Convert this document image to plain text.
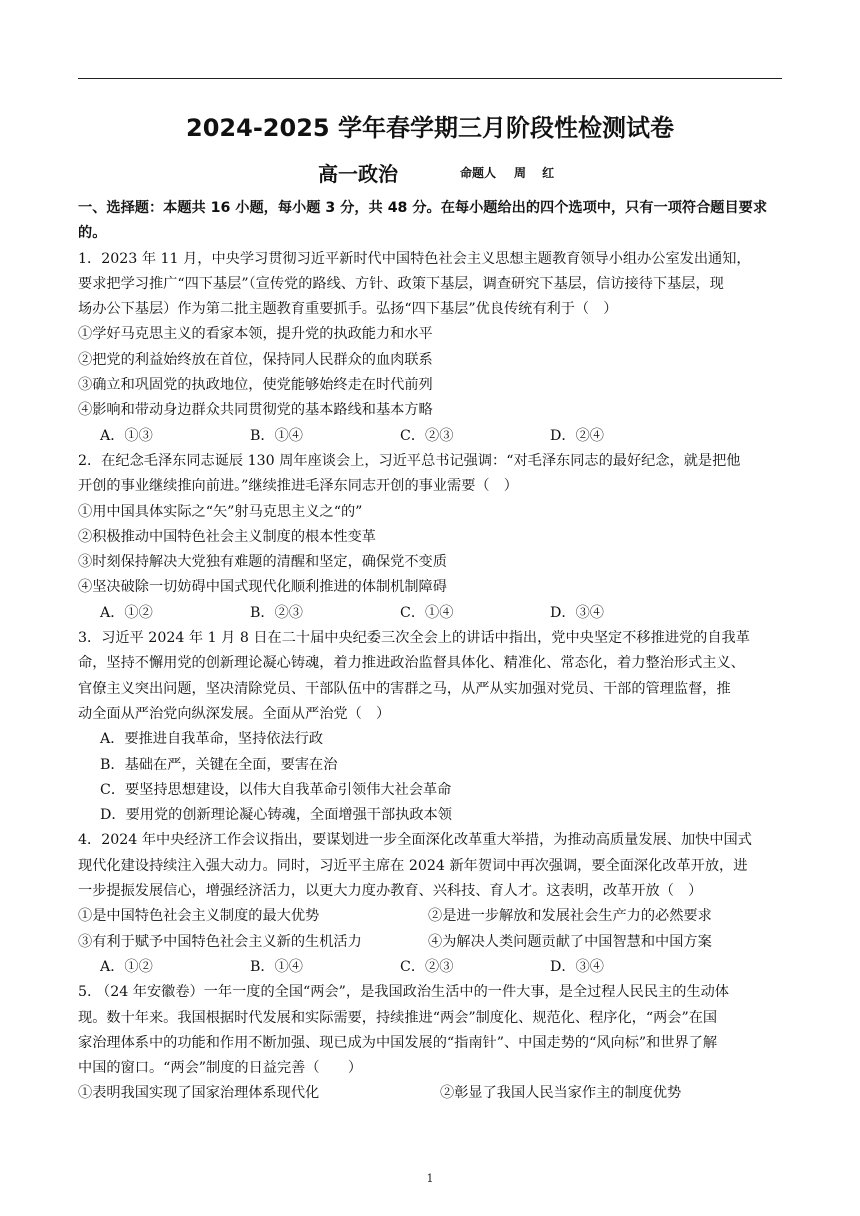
2024-2025 学年春学期三月阶段性检测试卷
高一政治	命题人 周 红
一、选择题：本题共 16 小题，每小题 3 分，共 48 分。在每小题给出的四个选项中，只有一项符合题目要求的。
1．2023 年 11 月，中央学习贯彻习近平新时代中国特色社会主义思想主题教育领导小组办公室发出通知，
要求把学习推广“四下基层”（宣传党的路线、方针、政策下基层，调查研究下基层，信访接待下基层，现
场办公下基层）作为第二批主题教育重要抓手。弘扬“四下基层”优良传统有利于（　）
①学好马克思主义的看家本领，提升党的执政能力和水平
②把党的利益始终放在首位，保持同人民群众的血肉联系
③确立和巩固党的执政地位，使党能够始终走在时代前列
④影响和带动身边群众共同贯彻党的基本路线和基本方略
A．①③	B．①④	C．②③	D．②④
2．在纪念毛泽东同志诞辰 130 周年座谈会上，习近平总书记强调：“对毛泽东同志的最好纪念，就是把他
开创的事业继续推向前进。”继续推进毛泽东同志开创的事业需要（　）
①用中国具体实际之“矢”射马克思主义之“的”
②积极推动中国特色社会主义制度的根本性变革
③时刻保持解决大党独有难题的清醒和坚定，确保党不变质
④坚决破除一切妨碍中国式现代化顺利推进的体制机制障碍
A．①②	B．②③	C．①④	D．③④
3．习近平 2024 年 1 月 8 日在二十届中央纪委三次全会上的讲话中指出，党中央坚定不移推进党的自我革
命，坚持不懈用党的创新理论凝心铸魂，着力推进政治监督具体化、精准化、常态化，着力整治形式主义、
官僚主义突出问题，坚决清除党员、干部队伍中的害群之马，从严从实加强对党员、干部的管理监督，推
动全面从严治党向纵深发展。全面从严治党（　）
A．要推进自我革命，坚持依法行政
B．基础在严，关键在全面，要害在治
C．要坚持思想建设，以伟大自我革命引领伟大社会革命
D．要用党的创新理论凝心铸魂，全面增强干部执政本领
4．2024 年中央经济工作会议指出，要谋划进一步全面深化改革重大举措，为推动高质量发展、加快中国式
现代化建设持续注入强大动力。同时，习近平主席在 2024 新年贺词中再次强调，要全面深化改革开放，进
一步提振发展信心，增强经济活力，以更大力度办教育、兴科技、育人才。这表明，改革开放（　）
①是中国特色社会主义制度的最大优势	②是进一步解放和发展社会生产力的必然要求
③有利于赋予中国特色社会主义新的生机活力	④为解决人类问题贡献了中国智慧和中国方案
A．①②	B．①④	C．②③	D．③④
5. （24 年安徽卷）一年一度的全国“两会”，是我国政治生活中的一件大事，是全过程人民民主的生动体
现。数十年来。我国根据时代发展和实际需要，持续推进“两会”制度化、规范化、程序化，“两会”在国
家治理体系中的功能和作用不断加强、现已成为中国发展的“指南针”、中国走势的“风向标”和世界了解
中国的窗口。“两会”制度的日益完善（　　）
①表明我国实现了国家治理体系现代化	②彰显了我国人民当家作主的制度优势
1
